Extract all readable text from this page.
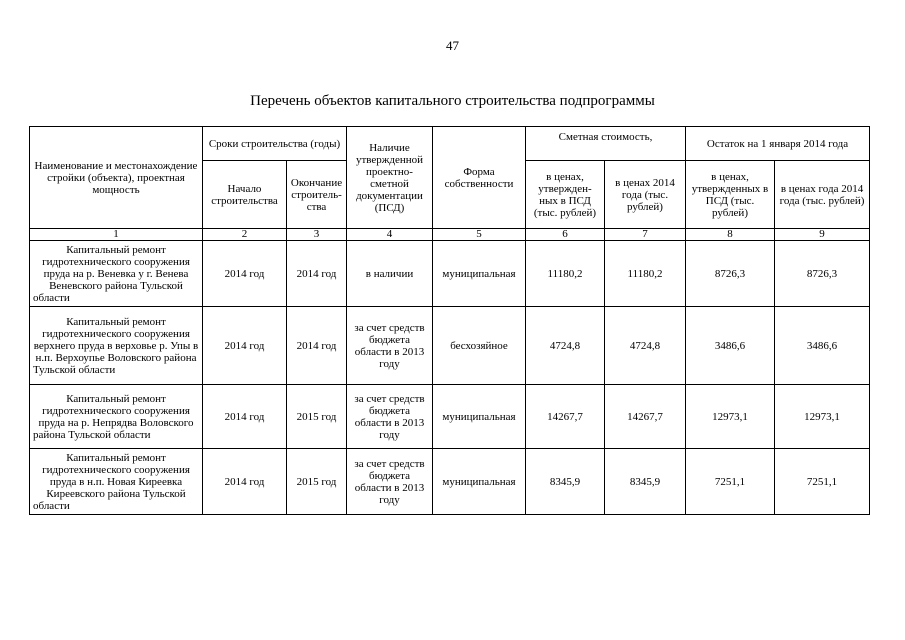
47
Перечень объектов капитального строительства подпрограммы
Наименование и местонахождение стройки (объекта), проектная мощность	Сроки строительства (годы)		Наличие утвержденной проектно-сметной документации (ПСД)	Форма собственности	Сметная стоимость,		Остаток на 1 января 2014 года	
	Начало строительства	Окончание строитель-ства			в ценах, утвержден-ных в ПСД (тыс. рублей)	в ценах 2014 года (тыс. рублей)	в ценах, утвержденных в ПСД (тыс. рублей)	в ценах года 2014 года (тыс. рублей)
1	2	3	4	5	6	7	8	9
Капитальный ремонт гидротехнического сооружения пруда на р. Веневка у г. Венева Веневского района Тульской области	2014 год	2014 год	в наличии	муниципальная	11180,2	11180,2	8726,3	8726,3
Капитальный ремонт гидротехнического сооружения верхнего пруда в верховье р. Упы в н.п. Верхоупье Воловского района Тульской области	2014 год	2014 год	за счет средств бюджета области в 2013 году	бесхозяйное	4724,8	4724,8	3486,6	3486,6
Капитальный ремонт гидротехнического сооружения пруда на р. Непрядва Воловского района Тульской области	2014 год	2015 год	за счет средств бюджета области в 2013 году	муниципальная	14267,7	14267,7	12973,1	12973,1
Капитальный ремонт гидротехнического сооружения пруда в н.п. Новая Киреевка Киреевского района Тульской области	2014 год	2015 год	за счет средств бюджета области в 2013 году	муниципальная	8345,9	8345,9	7251,1	7251,1
